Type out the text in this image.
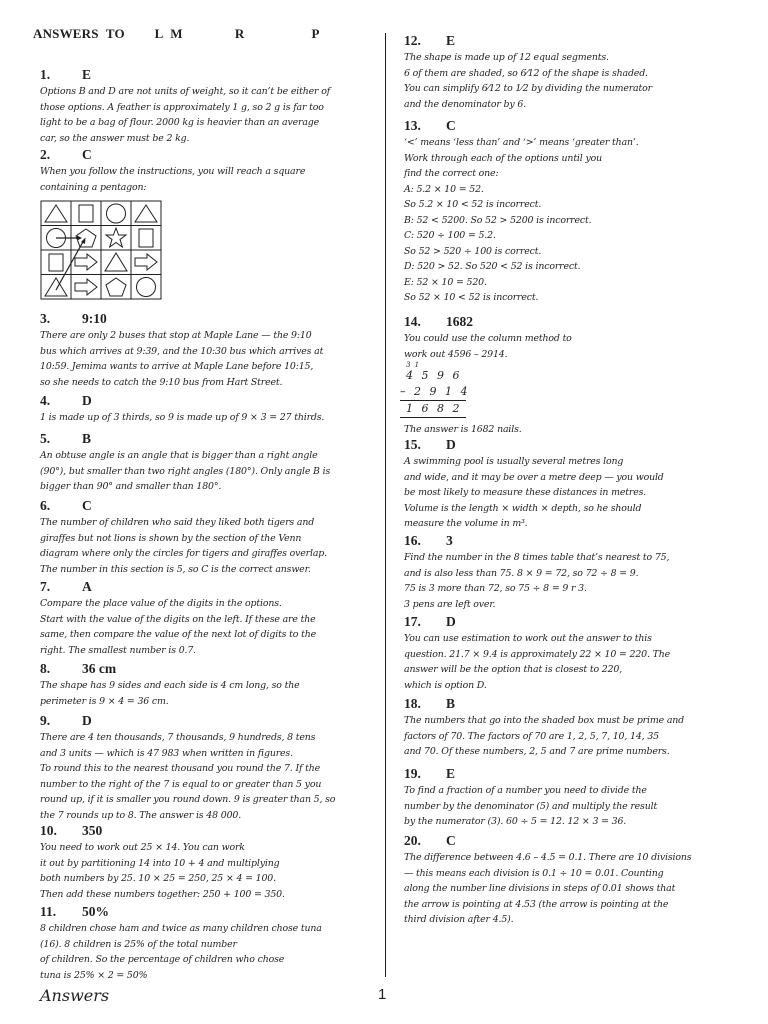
ANSWERS TO    L M       R         P
1. E
Options B and D are not units of weight, so it can’t be either of
those options. A feather is approximately 1 g, so 2 g is far too
light to be a bag of flour. 2000 kg is heavier than an average
car, so the answer must be 2 kg.
2. C
When you follow the instructions, you will reach a square
containing a pentagon:
3. 9:10
There are only 2 buses that stop at Maple Lane — the 9:10
bus which arrives at 9:39, and the 10:30 bus which arrives at
10:59. Jemima wants to arrive at Maple Lane before 10:15,
so she needs to catch the 9:10 bus from Hart Street.
4. D
1 is made up of 3 thirds, so 9 is made up of 9 × 3 = 27 thirds.
5. B
An obtuse angle is an angle that is bigger than a right angle
(90°), but smaller than two right angles (180°). Only angle B is
bigger than 90° and smaller than 180°.
6. C
The number of children who said they liked both tigers and
giraffes but not lions is shown by the section of the Venn
diagram where only the circles for tigers and giraffes overlap.
The number in this section is 5, so C is the correct answer.
7. A
Compare the place value of the digits in the options.
Start with the value of the digits on the left. If these are the
same, then compare the value of the next lot of digits to the
right. The smallest number is 0.7.
8. 36 cm
The shape has 9 sides and each side is 4 cm long, so the
perimeter is 9 × 4 = 36 cm.
9. D
There are 4 ten thousands, 7 thousands, 9 hundreds, 8 tens
and 3 units — which is 47 983 when written in figures.
To round this to the nearest thousand you round the 7. If the
number to the right of the 7 is equal to or greater than 5 you
round up, if it is smaller you round down. 9 is greater than 5, so
the 7 rounds up to 8. The answer is 48 000.
10. 350
You need to work out 25 × 14. You can work
it out by partitioning 14 into 10 + 4 and multiplying
both numbers by 25. 10 × 25 = 250, 25 × 4 = 100.
Then add these numbers together: 250 + 100 = 350.
11. 50%
8 children chose ham and twice as many children chose tuna
(16). 8 children is 25% of the total number
of children. So the percentage of children who chose
tuna is 25% × 2 = 50%
12. E
The shape is made up of 12 equal segments.
6 of them are shaded, so 6⁄12 of the shape is shaded.
You can simplify 6⁄12 to 1⁄2 by dividing the numerator
and the denominator by 6.
13. C
‘<’ means ‘less than’ and ‘>’ means ‘greater than’.
Work through each of the options until you
find the correct one:
A: 5.2 × 10 = 52.
So 5.2 × 10 < 52 is incorrect.
B: 52 < 5200. So 52 > 5200 is incorrect.
C: 520 ÷ 100 = 5.2.
So 52 > 520 ÷ 100 is correct.
D: 520 > 52. So 520 < 52 is incorrect.
E: 52 × 10 = 520.
So 52 × 10 < 52 is incorrect.
14. 1682
You could use the column method to
work out 4596 – 2914.
3 1
4 5 9 6
– 2 9 1 4
1 6 8 2
The answer is 1682 nails.
15. D
A swimming pool is usually several metres long
and wide, and it may be over a metre deep — you would
be most likely to measure these distances in metres.
Volume is the length × width × depth, so he should
measure the volume in m³.
16. 3
Find the number in the 8 times table that’s nearest to 75,
and is also less than 75. 8 × 9 = 72, so 72 ÷ 8 = 9.
75 is 3 more than 72, so 75 ÷ 8 = 9 r 3.
3 pens are left over.
17. D
You can use estimation to work out the answer to this
question. 21.7 × 9.4 is approximately 22 × 10 = 220. The
answer will be the option that is closest to 220,
which is option D.
18. B
The numbers that go into the shaded box must be prime and
factors of 70. The factors of 70 are 1, 2, 5, 7, 10, 14, 35
and 70. Of these numbers, 2, 5 and 7 are prime numbers.
19. E
To find a fraction of a number you need to divide the
number by the denominator (5) and multiply the result
by the numerator (3). 60 ÷ 5 = 12. 12 × 3 = 36.
20. C
The difference between 4.6 – 4.5 = 0.1. There are 10 divisions
— this means each division is 0.1 ÷ 10 = 0.01. Counting
along the number line divisions in steps of 0.01 shows that
the arrow is pointing at 4.53 (the arrow is pointing at the
third division after 4.5).
Answers	1
